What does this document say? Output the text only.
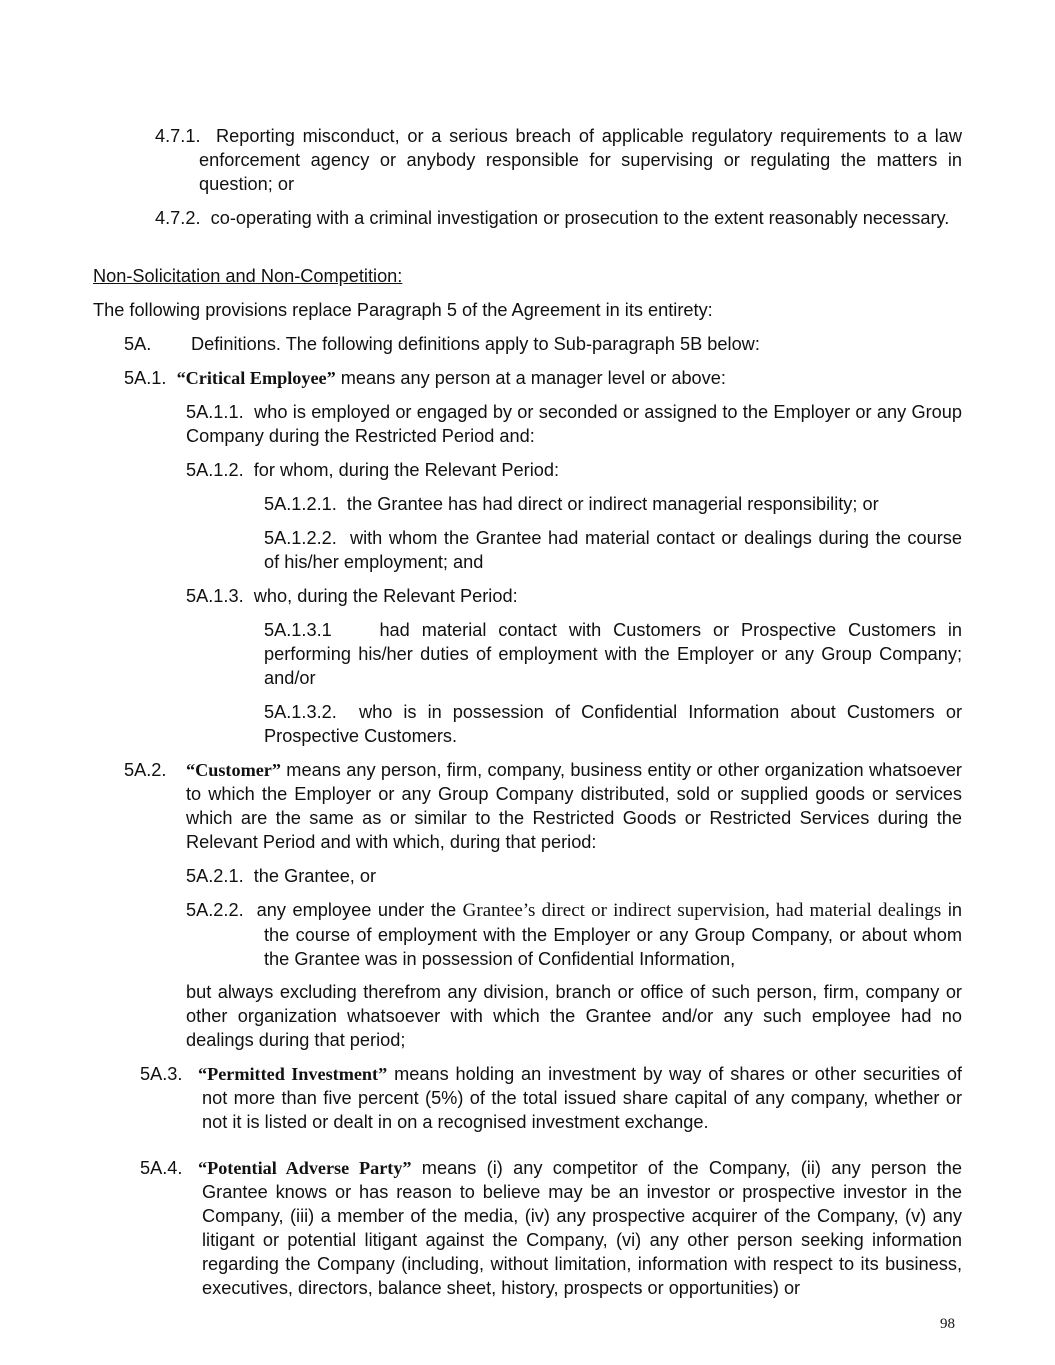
4.7.1. Reporting misconduct, or a serious breach of applicable regulatory requirements to a law enforcement agency or anybody responsible for supervising or regulating the matters in question; or

4.7.2. co-operating with a criminal investigation or prosecution to the extent reasonably necessary.

Non-Solicitation and Non-Competition:

The following provisions replace Paragraph 5 of the Agreement in its entirety:

5A. Definitions. The following definitions apply to Sub-paragraph 5B below:

5A.1. “Critical Employee” means any person at a manager level or above:

5A.1.1. who is employed or engaged by or seconded or assigned to the Employer or any Group Company during the Restricted Period and:

5A.1.2. for whom, during the Relevant Period:

5A.1.2.1. the Grantee has had direct or indirect managerial responsibility; or

5A.1.2.2. with whom the Grantee had material contact or dealings during the course of his/her employment; and

5A.1.3. who, during the Relevant Period:

5A.1.3.1	had material contact with Customers or Prospective Customers in performing his/her duties of employment with the Employer or any Group Company; and/or

5A.1.3.2. who is in possession of Confidential Information about Customers or Prospective Customers.

5A.2. “Customer” means any person, firm, company, business entity or other organization whatsoever to which the Employer or any Group Company distributed, sold or supplied goods or services which are the same as or similar to the Restricted Goods or Restricted Services during the Relevant Period and with which, during that period:

5A.2.1. the Grantee, or

5A.2.2. any employee under the Grantee’s direct or indirect supervision, had material dealings in the course of employment with the Employer or any Group Company, or about whom the Grantee was in possession of Confidential Information,

but always excluding therefrom any division, branch or office of such person, firm, company or other organization whatsoever with which the Grantee and/or any such employee had no dealings during that period;

5A.3. “Permitted Investment” means holding an investment by way of shares or other securities of not more than five percent (5%) of the total issued share capital of any company, whether or not it is listed or dealt in on a recognised investment exchange.

5A.4. “Potential Adverse Party” means (i) any competitor of the Company, (ii) any person the Grantee knows or has reason to believe may be an investor or prospective investor in the Company, (iii) a member of the media, (iv) any prospective acquirer of the Company, (v) any litigant or potential litigant against the Company, (vi) any other person seeking information regarding the Company (including, without limitation, information with respect to its business, executives, directors, balance sheet, history, prospects or opportunities) or

98
